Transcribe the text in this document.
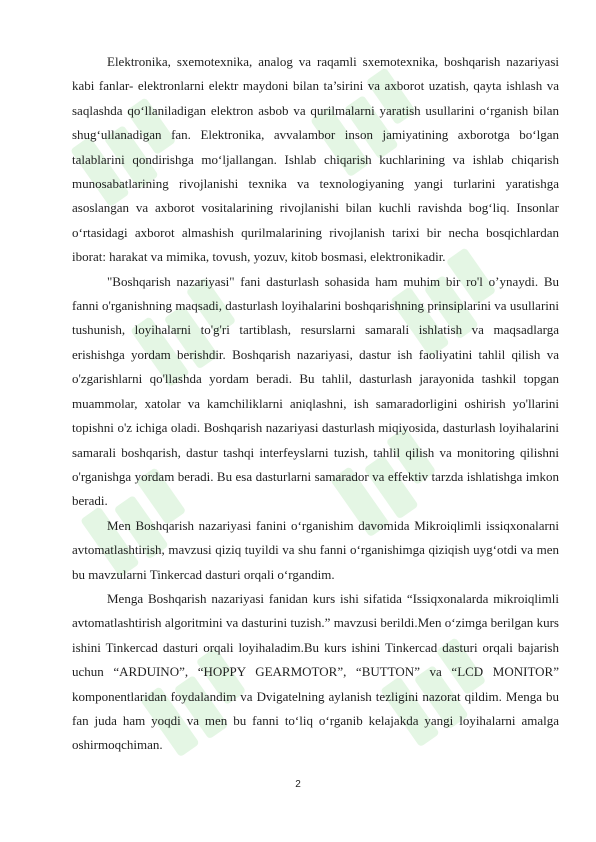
Elektronika, sxemotexnika, analog va raqamli sxemotexnika, boshqarish nazariyasi kabi fanlar- elektronlarni elektr maydoni bilan ta’sirini va axborot uzatish, qayta ishlash va saqlashda qo‘llaniladigan elektron asbob va qurilmalarni yaratish usullarini o‘rganish bilan shug‘ullanadigan fan. Elektronika, avvalambor inson jamiyatining axborotga bo‘lgan talablarini qondirishga mo‘ljallangan. Ishlab chiqarish kuchlarining va ishlab chiqarish munosabatlarining rivojlanishi texnika va texnologiyaning yangi turlarini yaratishga asoslangan va axborot vositalarining rivojlanishi bilan kuchli ravishda bog‘liq. Insonlar o‘rtasidagi axborot almashish qurilmalarining rivojlanish tarixi bir necha bosqichlardan iborat: harakat va mimika, tovush, yozuv, kitob bosmasi, elektronikadir.

"Boshqarish nazariyasi" fani dasturlash sohasida ham muhim bir ro'l o’ynaydi. Bu fanni o'rganishning maqsadi, dasturlash loyihalarini boshqarishning prinsiplarini va usullarini tushunish, loyihalarni to'g'ri tartiblash, resurslarni samarali ishlatish va maqsadlarga erishishga yordam berishdir. Boshqarish nazariyasi, dastur ish faoliyatini tahlil qilish va o'zgarishlarni qo'llashda yordam beradi. Bu tahlil, dasturlash jarayonida tashkil topgan muammolar, xatolar va kamchiliklarni aniqlashni, ish samaradorligini oshirish yo'llarini topishni o'z ichiga oladi. Boshqarish nazariyasi dasturlash miqiyosida, dasturlash loyihalarini samarali boshqarish, dastur tashqi interfeyslarni tuzish, tahlil qilish va monitoring qilishni o'rganishga yordam beradi. Bu esa dasturlarni samarador va effektiv tarzda ishlatishga imkon beradi.

Men Boshqarish nazariyasi fanini o‘rganishim davomida Mikroiqlimli issiqxonalarni avtomatlashtirish, mavzusi qiziq tuyildi va shu fanni o‘rganishimga qiziqish uyg‘otdi va men bu mavzularni Tinkercad dasturi orqali o‘rgandim.

Menga Boshqarish nazariyasi fanidan kurs ishi sifatida “Issiqxonalarda mikroiqlimli avtomatlashtirish algoritmini va dasturini tuzish.” mavzusi berildi.Men o‘zimga berilgan kurs ishini Tinkercad dasturi orqali loyihaladim.Bu kurs ishini Tinkercad dasturi orqali bajarish uchun “ARDUINO”, “HOPPY GEARMOTOR”, “BUTTON” va “LCD MONITOR” komponentlaridan foydalandim va Dvigatelning aylanish tezligini nazorat qildim. Menga bu fan juda ham yoqdi va men bu fanni to‘liq o‘rganib kelajakda yangi loyihalarni amalga oshirmoqchiman.

2
